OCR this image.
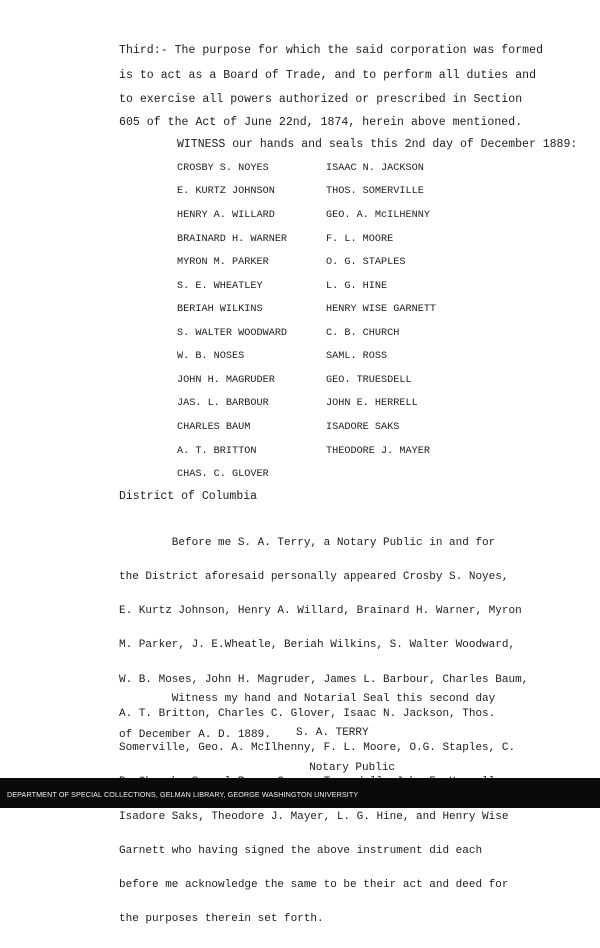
Third:- The purpose for which the said corporation was formed
is to act as a Board of Trade, and to perform all duties and
to exercise all powers authorized or prescribed in Section
605 of the Act of June 22nd, 1874, herein above mentioned.
WITNESS our hands and seals this 2nd day of December 1889:
CROSBY S. NOYES
E. KURTZ JOHNSON
HENRY A. WILLARD
BRAINARD H. WARNER
MYRON M. PARKER
S. E. WHEATLEY
BERIAH WILKINS
S. WALTER WOODWARD
W. B. NOSES
JOHN H. MAGRUDER
JAS. L. BARBOUR
CHARLES BAUM
A. T. BRITTON
CHAS. C. GLOVER
ISAAC N. JACKSON
THOS. SOMERVILLE
GEO. A. McILHENNY
F. L. MOORE
O. G. STAPLES
L. G. HINE
HENRY WISE GARNETT
C. B. CHURCH
SAML. ROSS
GEO. TRUESDELL
JOHN E. HERRELL
ISADORE SAKS
THEODORE J. MAYER
District of Columbia

Before me S. A. Terry, a Notary Public in and for

the District aforesaid personally appeared Crosby S. Noyes,

E. Kurtz Johnson, Henry A. Willard, Brainard H. Warner, Myron

M. Parker, J. E.Wheatle, Beriah Wilkins, S. Walter Woodward,

W. B. Moses, John H. Magruder, James L. Barbour, Charles Baum,

A. T. Britton, Charles C. Glover, Isaac N. Jackson, Thos.

Somerville, Geo. A. McIlhenny, F. L. Moore, O.G. Staples, C.

Isadore Saks, Theodore J. Mayer, L. G. Hine, and Henry Wise

Garnett who having signed the above instrument did each

before me acknowledge the same to be their act and deed for

the purposes therein set forth.

Witness my hand and Notarial Seal this second day

of December A. D. 1889.

	S. A. TERRY

Notary Public

DEPARTMENT OF SPECIAL COLLECTIONS, GELMAN LIBRARY, GEORGE WASHINGTON UNIVERSITY
